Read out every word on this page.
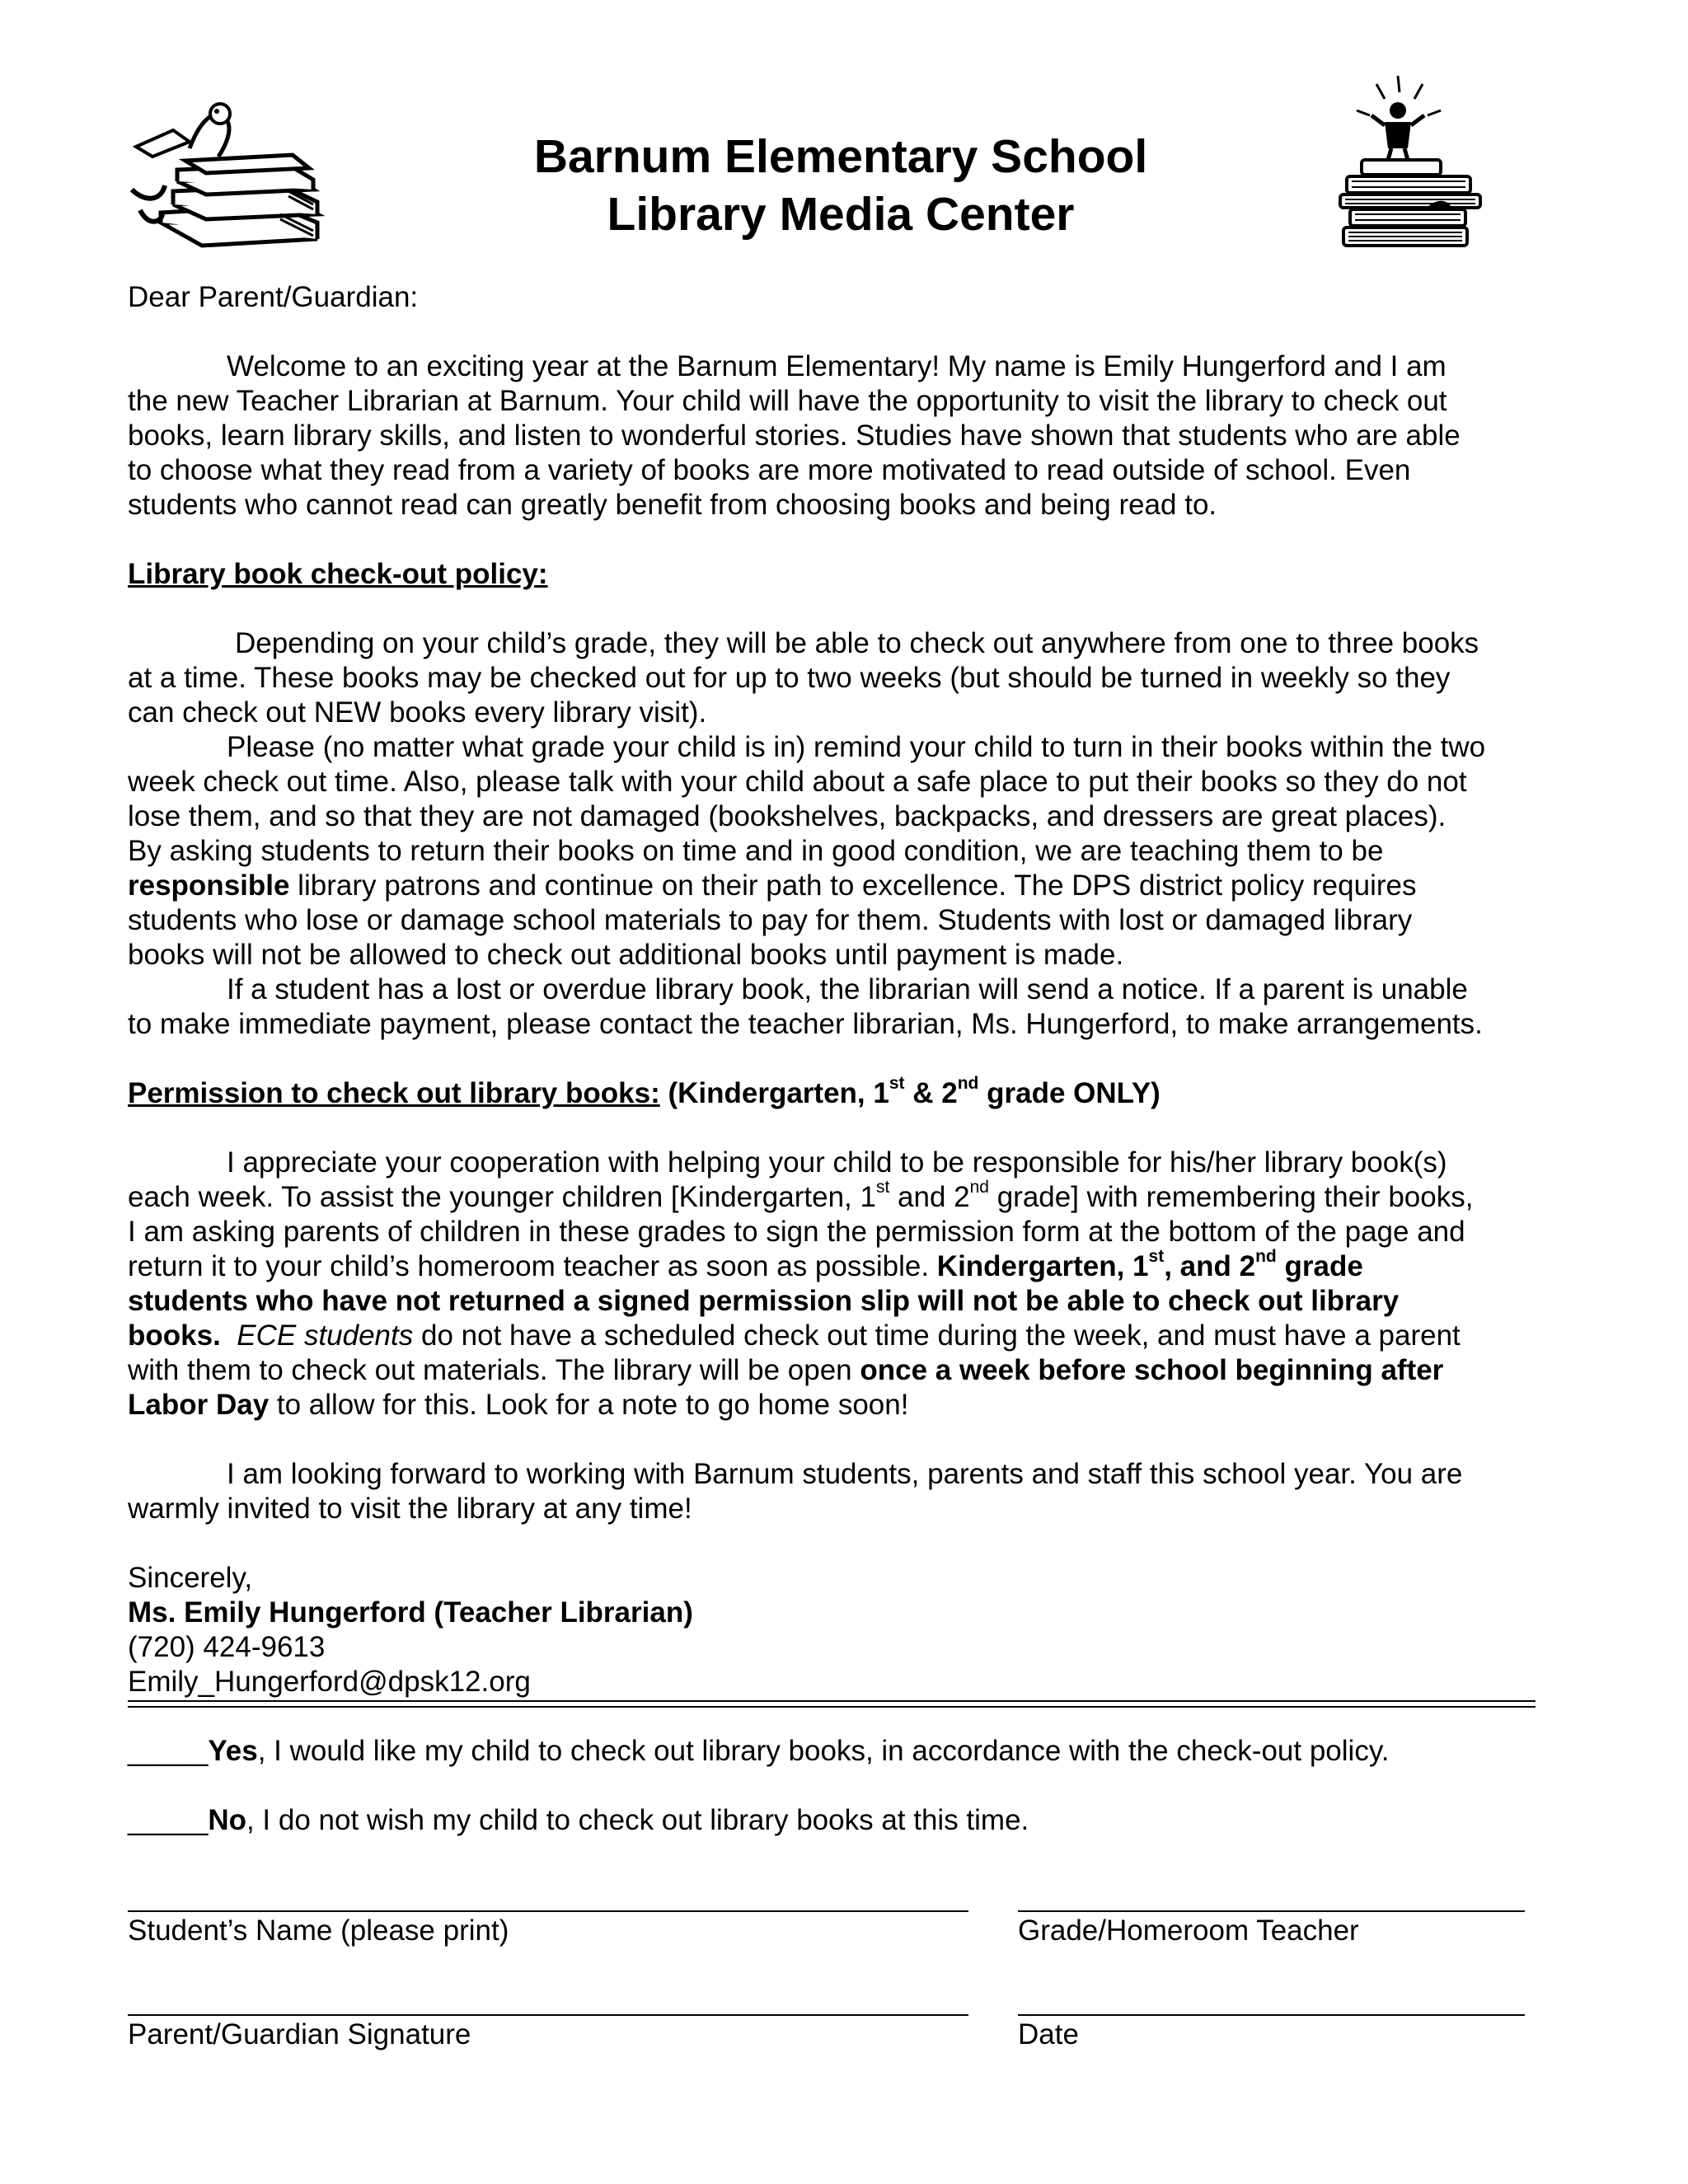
Barnum Elementary School
Library Media Center
Dear Parent/Guardian:
Welcome to an exciting year at the Barnum Elementary! My name is Emily Hungerford and I am
the new Teacher Librarian at Barnum. Your child will have the opportunity to visit the library to check out
books, learn library skills, and listen to wonderful stories. Studies have shown that students who are able
to choose what they read from a variety of books are more motivated to read outside of school. Even
students who cannot read can greatly benefit from choosing books and being read to.
Library book check-out policy:
Depending on your child’s grade, they will be able to check out anywhere from one to three books
at a time. These books may be checked out for up to two weeks (but should be turned in weekly so they
can check out NEW books every library visit).
Please (no matter what grade your child is in) remind your child to turn in their books within the two
week check out time. Also, please talk with your child about a safe place to put their books so they do not
lose them, and so that they are not damaged (bookshelves, backpacks, and dressers are great places).
By asking students to return their books on time and in good condition, we are teaching them to be
responsible library patrons and continue on their path to excellence. The DPS district policy requires
students who lose or damage school materials to pay for them. Students with lost or damaged library
books will not be allowed to check out additional books until payment is made.
If a student has a lost or overdue library book, the librarian will send a notice. If a parent is unable
to make immediate payment, please contact the teacher librarian, Ms. Hungerford, to make arrangements.
Permission to check out library books: (Kindergarten, 1st & 2nd grade ONLY)
I appreciate your cooperation with helping your child to be responsible for his/her library book(s)
each week. To assist the younger children [Kindergarten, 1st and 2nd grade] with remembering their books,
I am asking parents of children in these grades to sign the permission form at the bottom of the page and
return it to your child’s homeroom teacher as soon as possible. Kindergarten, 1st, and 2nd grade
students who have not returned a signed permission slip will not be able to check out library
books. ECE students do not have a scheduled check out time during the week, and must have a parent
with them to check out materials. The library will be open once a week before school beginning after
Labor Day to allow for this. Look for a note to go home soon!
I am looking forward to working with Barnum students, parents and staff this school year. You are
warmly invited to visit the library at any time!
Sincerely,
Ms. Emily Hungerford (Teacher Librarian)
(720) 424-9613
Emily_Hungerford@dpsk12.org
_____Yes, I would like my child to check out library books, in accordance with the check-out policy.
_____No, I do not wish my child to check out library books at this time.
Student’s Name (please print)	Grade/Homeroom Teacher
Parent/Guardian Signature	Date
